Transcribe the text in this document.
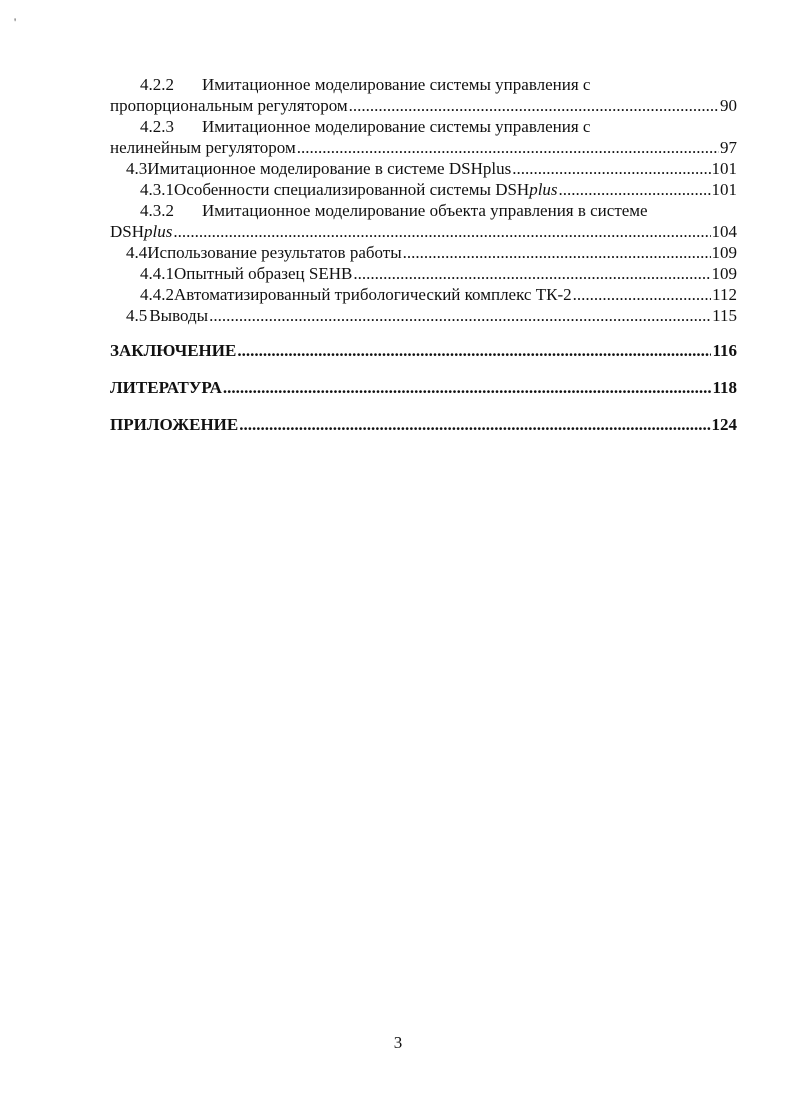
'
4.2.2	Имитационное моделирование системы управления с
пропорциональным регулятором .....	90
4.2.3	Имитационное моделирование системы управления с
нелинейным регулятором .....	97
4.3 Имитационное моделирование в системе DSHplus .....	101
4.3.1 Особенности специализированной системы DSHplus .....	101
4.3.2	Имитационное моделирование объекта управления в системе
DSHplus .....	104
4.4 Использование результатов работы .....	109
4.4.1 Опытный образец SEHB .....	109
4.4.2 Автоматизированный трибологический комплекс ТК-2 .....	112
4.5 Выводы .....	115
ЗАКЛЮЧЕНИЕ .....	116
ЛИТЕРАТУРА .....	118
ПРИЛОЖЕНИЕ .....	124
3
